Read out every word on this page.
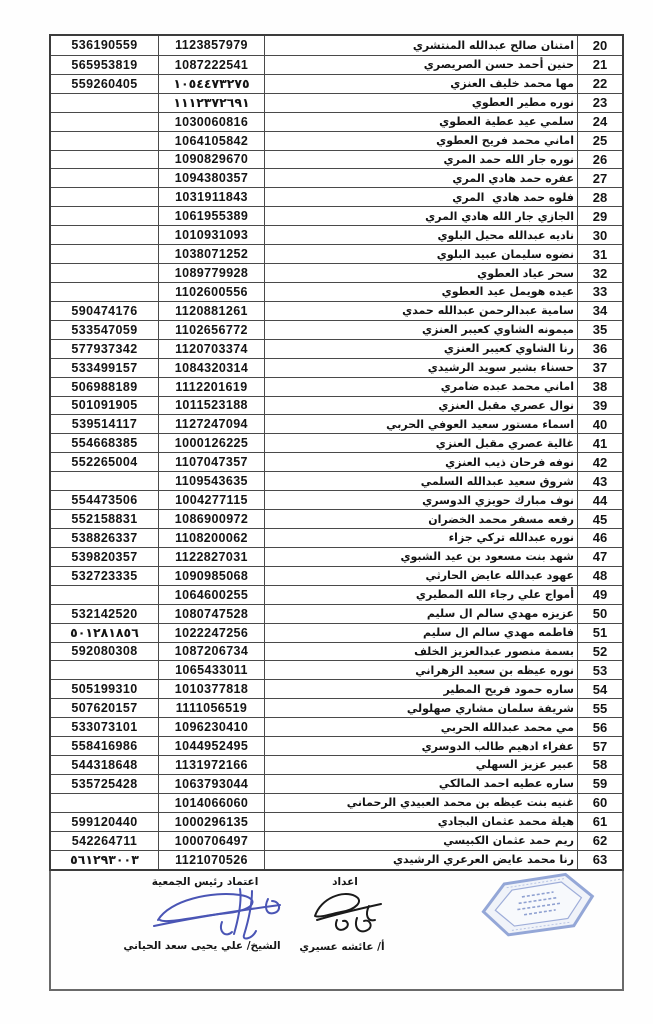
536190559	1123857979	امتنان صالح عبدالله المنتشري	20
565953819	1087222541	حنين أحمد حسن الصريصري	21
559260405	١٠٥٤٤٧٣٢٧٥	مها محمد خليف العنزي	22
١١١٢٣٧٢٦٩١	نوره مطير العطوي	23
1030060816	سلمي عيد عطية العطوي	24
1064105842	اماني محمد فريح العطوي	25
1090829670	نوره جار الله حمد المري	26
1094380357	عفره حمد هادي المري	27
1031911843	فلوه حمد هادي  المري	28
1061955389	الجازي جار الله هادي المري	29
1010931093	ناديه عبدالله محيل البلوي	30
1038071252	نضوه سليمان عبيد البلوي	31
1089779928	سحر عياد العطوي	32
1102600556	عيده هويمل عيد العطوي	33
590474176	1120881261	سامية عبدالرحمن عبدالله حمدي	34
533547059	1102656772	ميمونه الشاوي كعيبر العنزي	35
577937342	1120703374	رنا الشاوي كعيبر العنزي	36
533499157	1084320314	حسناء بشير سويد الرشيدي	37
506988189	1112201619	اماني محمد عبده ضامري	38
501091905	1011523188	نوال عصري مقبل العنزي	39
539514117	1127247094	اسماء مستور سعيد العوفي الحربي	40
554668385	1000126225	غالية عصري مقبل العنزي	41
552265004	1107047357	نوفه فرحان ذيب العنزي	42
1109543635	شروق سعيد عبدالله السلمي	43
554473506	1004277115	نوف مبارك حويزي الدوسري	44
552158831	1086900972	رفعه مسفر محمد الخضران	45
538826337	1108200062	نوره عبدالله تركي جزاء	46
539820357	1122827031	شهد بنت مسعود بن عيد الشبوي	47
532723335	1090985068	عهود عبدالله عايض الحارثي	48
1064600255	أمواج علي رجاء الله المطيري	49
532142520	1080747528	عزيزه مهدي سالم ال سليم	50
٥٠١٢٨١٨٥٦	1022247256	فاطمه مهدي سالم ال سليم	51
592080308	1087206734	بسمة منصور عبدالعزيز الخلف	52
1065433011	نوره عيظه بن سعيد الزهراني	53
505199310	1010377818	ساره حمود فريح المطير	54
507620157	1111056519	شريفة سلمان مشاري صهلولي	55
533073101	1096230410	مي محمد عبدالله الحربي	56
558416986	1044952495	عفراء ادهيم طالب الدوسري	57
544318648	1131972166	عبير عزيز السهلي	58
535725428	1063793044	ساره عطيه احمد المالكي	59
1014066060	غنيه بنت عيظه بن محمد العبيدي الرحماني	60
599120440	1000296135	هيلة محمد عثمان البجادي	61
542264711	1000706497	ريم حمد عثمان الكبيسي	62
٥٦١٢٩٣٠٠٣	1121070526	رنا محمد عايض العرعري الرشيدي	63
اعتماد رئيس الجمعية
الشيخ/ علي يحيى سعد الحياني
اعداد
أ/ عائشه عسيري
